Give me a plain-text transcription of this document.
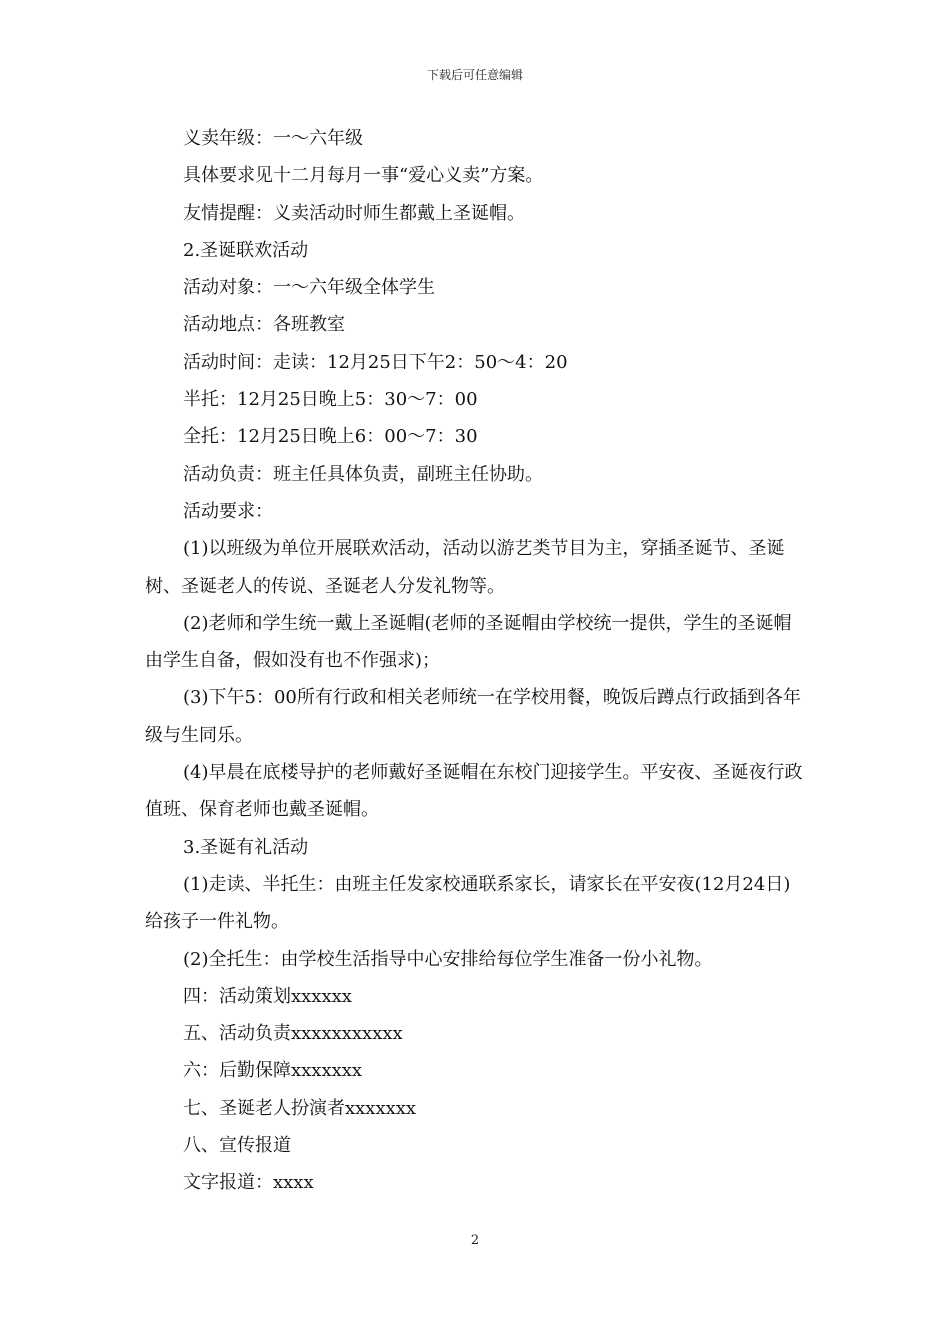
下载后可任意编辑

义卖年级：一～六年级

具体要求见十二月每月一事“爱心义卖”方案。

友情提醒：义卖活动时师生都戴上圣诞帽。

2.圣诞联欢活动

活动对象：一～六年级全体学生

活动地点：各班教室

活动时间：走读：12月25日下午2：50～4：20

半托：12月25日晚上5：30～7：00

全托：12月25日晚上6：00～7：30

活动负责：班主任具体负责，副班主任协助。

活动要求：

(1)以班级为单位开展联欢活动，活动以游艺类节目为主，穿插圣诞节、圣诞树、圣诞老人的传说、圣诞老人分发礼物等。

(2)老师和学生统一戴上圣诞帽(老师的圣诞帽由学校统一提供，学生的圣诞帽由学生自备，假如没有也不作强求)；

(3)下午5：00所有行政和相关老师统一在学校用餐，晚饭后蹲点行政插到各年级与生同乐。

(4)早晨在底楼导护的老师戴好圣诞帽在东校门迎接学生。平安夜、圣诞夜行政值班、保育老师也戴圣诞帽。

3.圣诞有礼活动

(1)走读、半托生：由班主任发家校通联系家长，请家长在平安夜(12月24日)给孩子一件礼物。

(2)全托生：由学校生活指导中心安排给每位学生准备一份小礼物。

四：活动策划xxxxxx

五、活动负责xxxxxxxxxxx

六：后勤保障xxxxxxx

七、圣诞老人扮演者xxxxxxx

八、宣传报道

文字报道：xxxx

2
